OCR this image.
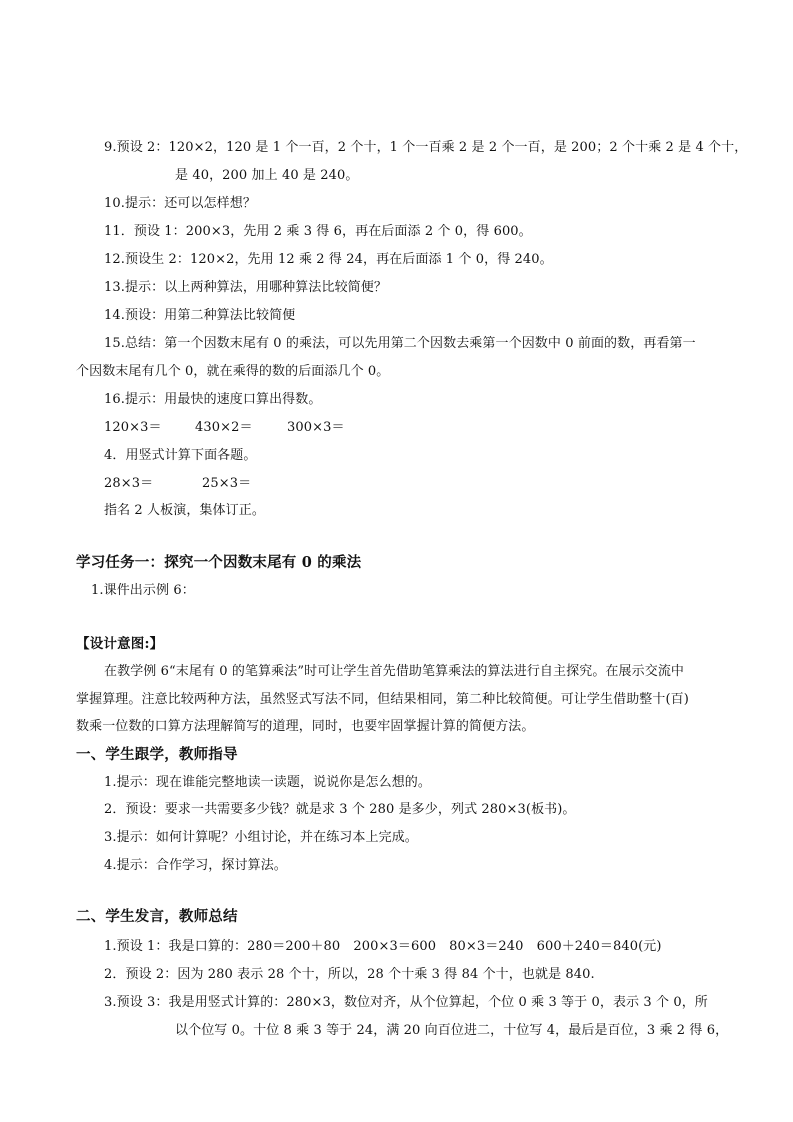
9.预设 2：120×2，120 是 1 个一百，2 个十，1 个一百乘 2 是 2 个一百，是 200；2 个十乘 2 是 4 个十，
是 40，200 加上 40 是 240。
10.提示：还可以怎样想？
11．预设 1：200×3，先用 2 乘 3 得 6，再在后面添 2 个 0，得 600。
12.预设生 2：120×2，先用 12 乘 2 得 24，再在后面添 1 个 0，得 240。
13.提示：以上两种算法，用哪种算法比较简便？
14.预设：用第二种算法比较简便
15.总结：第一个因数末尾有 0 的乘法，可以先用第二个因数去乘第一个因数中 0 前面的数，再看第一
个因数末尾有几个 0，就在乘得的数的后面添几个 0。
16.提示：用最快的速度口算出得数。
120×3＝	430×2＝	300×3＝
4．用竖式计算下面各题。
28×3＝	25×3＝
指名 2 人板演，集体订正。
学习任务一：探究一个因数末尾有 0 的乘法
1.课件出示例 6：
【设计意图:】
在教学例 6“末尾有 0 的笔算乘法”时可让学生首先借助笔算乘法的算法进行自主探究。在展示交流中
掌握算理。注意比较两种方法，虽然竖式写法不同，但结果相同，第二种比较简便。可让学生借助整十(百)
数乘一位数的口算方法理解简写的道理，同时，也要牢固掌握计算的简便方法。
一、学生跟学，教师指导
1.提示：现在谁能完整地读一读题，说说你是怎么想的。
2．预设：要求一共需要多少钱？就是求 3 个 280 是多少，列式 280×3(板书)。
3.提示：如何计算呢？小组讨论，并在练习本上完成。
4.提示：合作学习，探讨算法。
二、学生发言，教师总结
1.预设 1：我是口算的：280＝200＋80　200×3＝600　80×3＝240　600＋240＝840(元)
2．预设 2：因为 280 表示 28 个十，所以，28 个十乘 3 得 84 个十，也就是 840.
3.预设 3：我是用竖式计算的：280×3，数位对齐，从个位算起，个位 0 乘 3 等于 0，表示 3 个 0，所
以个位写 0。十位 8 乘 3 等于 24，满 20 向百位进二，十位写 4，最后是百位，3 乘 2 得 6，
